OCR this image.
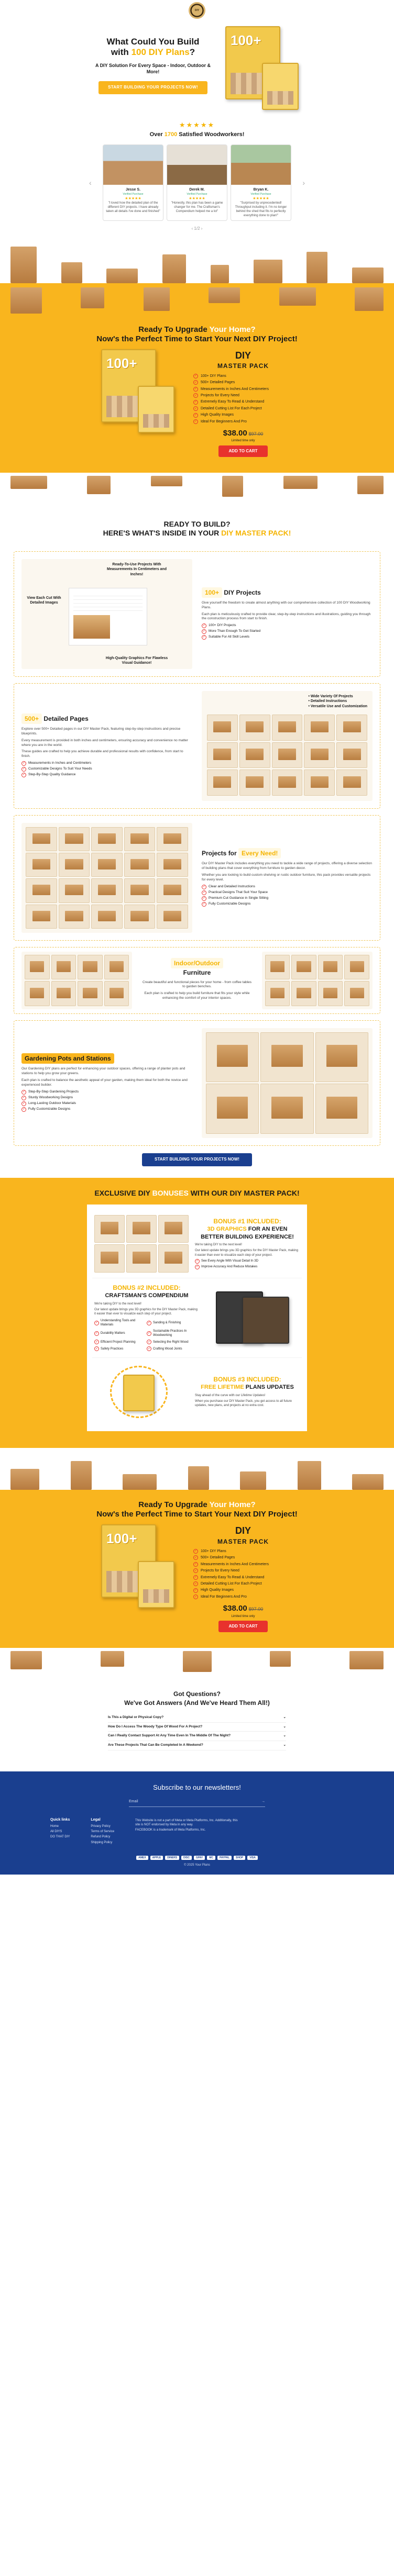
DIY
What Could You Build
with 100 DIY Plans?
A DIY Solution For Every Space - Indoor, Outdoor & More!
START BUILDING YOUR PROJECTS NOW!
100+
★★★★★
Over 1700 Satisfied Woodworkers!
‹
Jesse S.
Verified Purchase
★★★★★
"I loved how the detailed plan of the different DIY projects. I have already taken all details I've done and finished"
Derek M.
Verified Purchase
★★★★★
"Honestly, this plan has been a game changer for me. The Craftsman's Compendium helped me a lot"
Bryan K.
Verified Purchase
★★★★★
"Surprised by unprecedented! Throughput including it. I'm no longer behind the shed that fits to perfectly everything done to plan!"
›
‹ 1/2 ›
Ready To Upgrade Your Home?
Now's the Perfect Time to Start Your Next DIY Project!
100+	DIY
MASTER PACK
✓ 100+ DIY Plans
✓ 500+ Detailed Pages
✓ Measurements in Inches And Centimeters
✓ Projects for Every Need
✓ Extremely Easy To Read & Understand
✓ Detailed Cutting List For Each Project
✓ High Quality Images
✓ Ideal For Beginners And Pro
$38.00 $97.00
Limited time only
ADD TO CART
READY TO BUILD?
HERE'S WHAT'S INSIDE IN YOUR DIY MASTER PACK!
View Each Cut With Detailed Images
Ready-To-Use Projects With Measurements In Centimeters and Inches!
High-Quality Graphics For Flawless Visual Guidance!
100+ DIY Projects

Give yourself the freedom to create almost anything with our comprehensive collection of 100 DIY Woodworking Plans.

Each plan is meticulously crafted to provide clear, step-by-step instructions and illustrations, guiding you through the construction process from start to finish.

✓ 100+ DIY Projects
✓ More Than Enough To Get Started
✓ Suitable For All Skill Levels
500+ Detailed Pages

Explore over 500+ Detailed pages in our DIY Master Pack, featuring step-by-step instructions and precise blueprints.

Every measurement is provided in both inches and centimeters, ensuring accuracy and convenience no matter where you are in the world.

These guides are crafted to help you achieve durable and professional results with confidence, from start to finish.

✓ Measurements in Inches and Centimeters
✓ Customizable Designs To Suit Your Needs
✓ Step-By-Step Quality Guidance
• Wide Variety Of Projects
• Detailed Instructions
• Versatile Use and Customization
Projects for Every Need!

Our DIY Master Pack includes everything you need to tackle a wide range of projects, offering a diverse selection of building plans that cover everything from furniture to garden decor.

Whether you are looking to build custom shelving or rustic outdoor furniture, this pack provides versatile projects for every level.

✓ Clear and Detailed Instructions
✓ Practical Designs That Suit Your Space
✓ Premium Cut Guidance in Single Sitting
✓ Fully Customizable Designs
Indoor/Outdoor
Furniture

Create beautiful and functional pieces for your home - from coffee tables to garden benches.

Each plan is crafted to help you build furniture that fits your style while enhancing the comfort of your interior spaces.

Gardening Pots and Stations

Our Gardening DIY plans are perfect for enhancing your outdoor spaces, offering a range of planter pots and stations to help you grow your greens.

Each plan is crafted to balance the aesthetic appeal of your garden, making them ideal for both the novice and experienced builder.

✓ Step-By-Step Gardening Projects
✓ Sturdy Woodworking Designs
✓ Long-Lasting Outdoor Materials
✓ Fully Customizable Designs
START BUILDING YOUR PROJECTS NOW!
EXCLUSIVE DIY BONUSES WITH OUR DIY MASTER PACK!
BONUS #1 INCLUDED:
3D GRAPHICS FOR AN EVEN BETTER BUILDING EXPERIENCE!

We're taking DIY to the next level!

Our latest update brings you 3D graphics for the DIY Master Pack, making it easier than ever to visualize each step of your project.

✓ See Every Angle With Visual Detail In 3D
✓ Improve Accuracy And Reduce Mistakes
BONUS #2 INCLUDED:
CRAFTSMAN'S COMPENDIUM

We're taking DIY to the next level!

Our latest update brings you 3D graphics for the DIY Master Pack, making it easier than ever to visualize each step of your project.

✓
Understanding Tools and Materials
✓ Sanding & Finishing
✓ Durability Matters	✓
Sustainable Practices In Woodworking
✓ Efficient Project Planning	✓ Selecting the Right Wood
✓ Safety Practices	✓ Crafting Wood Joints
BONUS #3 INCLUDED:
FREE LIFETIME PLANS UPDATES

Stay ahead of the curve with our Lifetime Updates!

When you purchase our DIY Master Pack, you get access to all future updates, new plans, and projects at no extra cost.

Ready To Upgrade Your Home?
Now's the Perfect Time to Start Your Next DIY Project!
100+	DIY
MASTER PACK
✓ 100+ DIY Plans
✓ 500+ Detailed Pages
✓ Measurements in Inches And Centimeters
✓ Projects for Every Need
✓ Extremely Easy To Read & Understand
✓ Detailed Cutting List For Each Project
✓ High Quality Images
✓ Ideal For Beginners And Pro
$38.00 $97.00
Limited time only
ADD TO CART
Got Questions?
We've Got Answers (And We've Heard Them All!)
Is This a Digital or Physical Copy?	⌄
How Do I Access The Woody Type Of Wood For A Project?	⌄
Can I Really Contact Support At Any Time Even In The Middle Of The Night?	⌄
Are These Projects That Can Be Completed In A Weekend?	⌄
Subscribe to our newsletters!
Email	→
Quick links

Home

All DIYS

DO THAT DIY

Legal

Privacy Policy

Terms of Service

Refund Policy

Shipping Policy

This Website is not a part of Meta or Meta Platforms, Inc. Additionally, this site is NOT endorsed by Meta in any way.

FACEBOOK is a trademark of Meta Platforms, Inc.

AMEX APPLE DINERS DISC GPAY MC PAYPAL SHOP VISA
© 2025 Your Plans
